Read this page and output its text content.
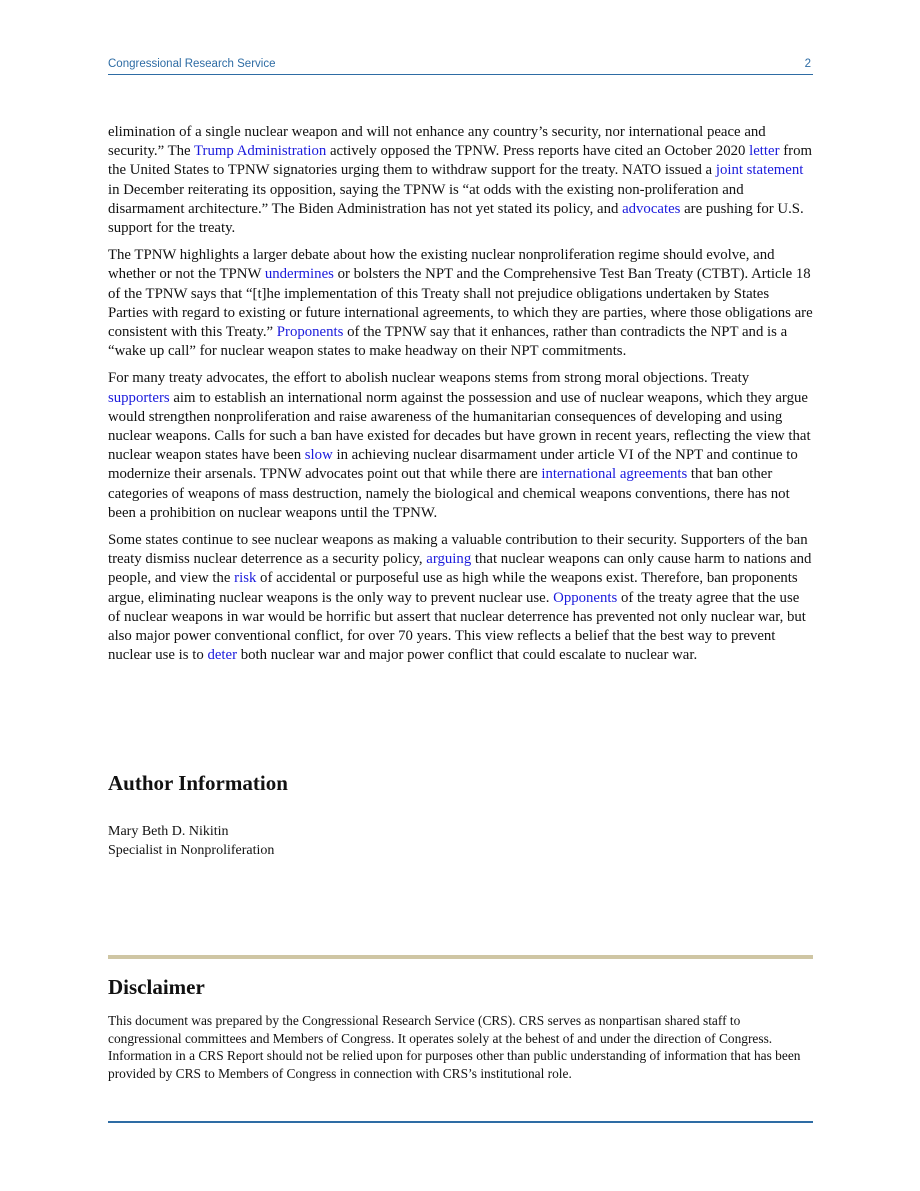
Congressional Research Service	2

elimination of a single nuclear weapon and will not enhance any country’s security, nor international peace and security.” The Trump Administration actively opposed the TPNW. Press reports have cited an October 2020 letter from the United States to TPNW signatories urging them to withdraw support for the treaty. NATO issued a joint statement in December reiterating its opposition, saying the TPNW is “at odds with the existing non-proliferation and disarmament architecture.” The Biden Administration has not yet stated its policy, and advocates are pushing for U.S. support for the treaty.

The TPNW highlights a larger debate about how the existing nuclear nonproliferation regime should evolve, and whether or not the TPNW undermines or bolsters the NPT and the Comprehensive Test Ban Treaty (CTBT). Article 18 of the TPNW says that “[t]he implementation of this Treaty shall not prejudice obligations undertaken by States Parties with regard to existing or future international agreements, to which they are parties, where those obligations are consistent with this Treaty.” Proponents of the TPNW say that it enhances, rather than contradicts the NPT and is a “wake up call” for nuclear weapon states to make headway on their NPT commitments.

For many treaty advocates, the effort to abolish nuclear weapons stems from strong moral objections. Treaty supporters aim to establish an international norm against the possession and use of nuclear weapons, which they argue would strengthen nonproliferation and raise awareness of the humanitarian consequences of developing and using nuclear weapons. Calls for such a ban have existed for decades but have grown in recent years, reflecting the view that nuclear weapon states have been slow in achieving nuclear disarmament under article VI of the NPT and continue to modernize their arsenals. TPNW advocates point out that while there are international agreements that ban other categories of weapons of mass destruction, namely the biological and chemical weapons conventions, there has not been a prohibition on nuclear weapons until the TPNW.

Some states continue to see nuclear weapons as making a valuable contribution to their security. Supporters of the ban treaty dismiss nuclear deterrence as a security policy, arguing that nuclear weapons can only cause harm to nations and people, and view the risk of accidental or purposeful use as high while the weapons exist. Therefore, ban proponents argue, eliminating nuclear weapons is the only way to prevent nuclear use. Opponents of the treaty agree that the use of nuclear weapons in war would be horrific but assert that nuclear deterrence has prevented not only nuclear war, but also major power conventional conflict, for over 70 years. This view reflects a belief that the best way to prevent nuclear use is to deter both nuclear war and major power conflict that could escalate to nuclear war.

Author Information
Mary Beth D. Nikitin
Specialist in Nonproliferation
Disclaimer

This document was prepared by the Congressional Research Service (CRS). CRS serves as nonpartisan shared staff to congressional committees and Members of Congress. It operates solely at the behest of and under the direction of Congress. Information in a CRS Report should not be relied upon for purposes other than public understanding of information that has been provided by CRS to Members of Congress in connection with CRS’s institutional role.
